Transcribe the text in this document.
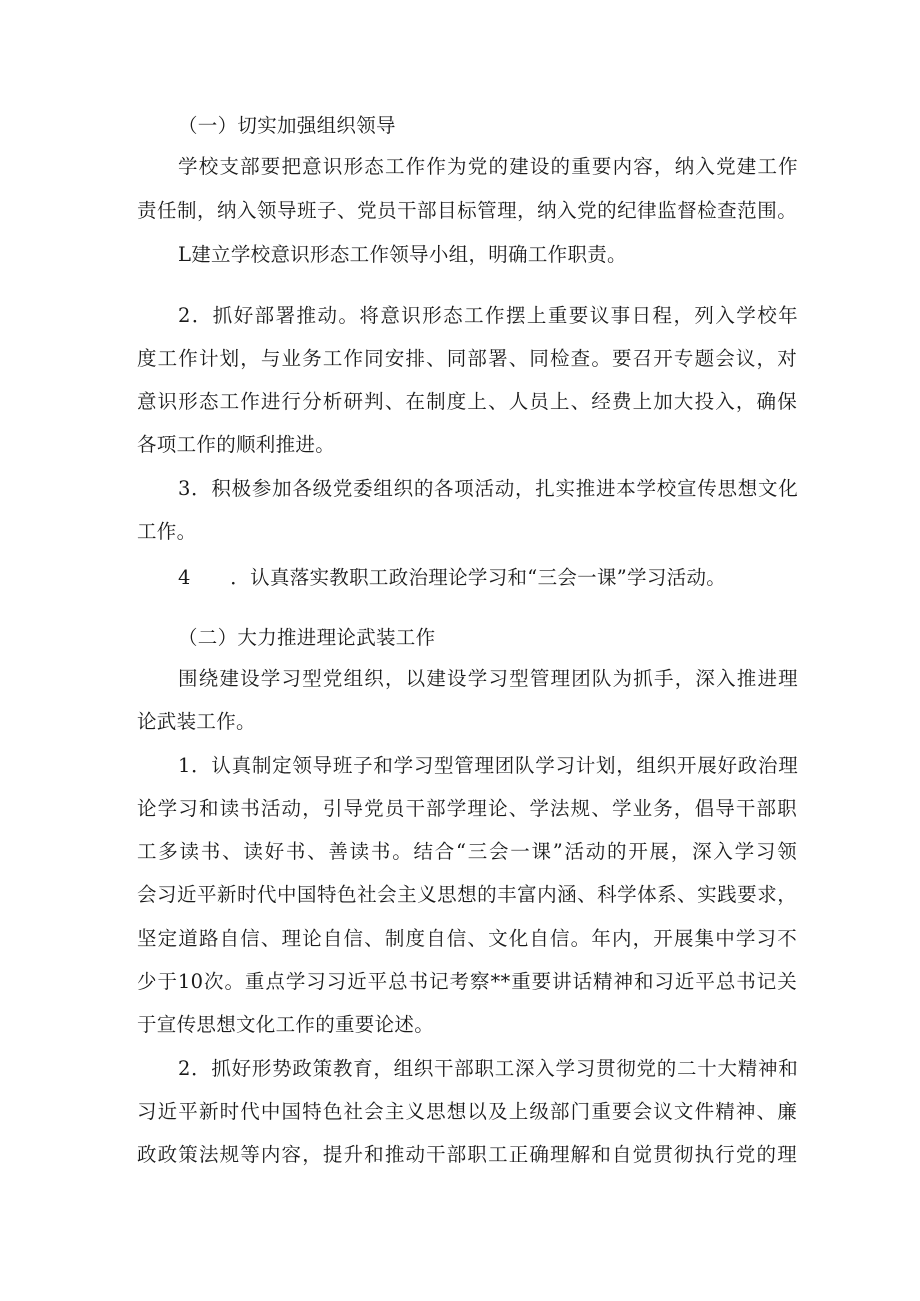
（一）切实加强组织领导
学校支部要把意识形态工作作为党的建设的重要内容，纳入党建工作
责任制，纳入领导班子、党员干部目标管理，纳入党的纪律监督检查范围。
L建立学校意识形态工作领导小组，明确工作职责。
2．抓好部署推动。将意识形态工作摆上重要议事日程，列入学校年
度工作计划，与业务工作同安排、同部署、同检查。要召开专题会议，对
意识形态工作进行分析研判、在制度上、人员上、经费上加大投入，确保
各项工作的顺利推进。
3．积极参加各级党委组织的各项活动，扎实推进本学校宣传思想文化
工作。
4　　．认真落实教职工政治理论学习和“三会一课”学习活动。
（二）大力推进理论武装工作
围绕建设学习型党组织，以建设学习型管理团队为抓手，深入推进理
论武装工作。
1．认真制定领导班子和学习型管理团队学习计划，组织开展好政治理
论学习和读书活动，引导党员干部学理论、学法规、学业务，倡导干部职
工多读书、读好书、善读书。结合“三会一课”活动的开展，深入学习领
会习近平新时代中国特色社会主义思想的丰富内涵、科学体系、实践要求，
坚定道路自信、理论自信、制度自信、文化自信。年内，开展集中学习不
少于10次。重点学习习近平总书记考察**重要讲话精神和习近平总书记关
于宣传思想文化工作的重要论述。
2．抓好形势政策教育，组织干部职工深入学习贯彻党的二十大精神和
习近平新时代中国特色社会主义思想以及上级部门重要会议文件精神、廉
政政策法规等内容，提升和推动干部职工正确理解和自觉贯彻执行党的理
